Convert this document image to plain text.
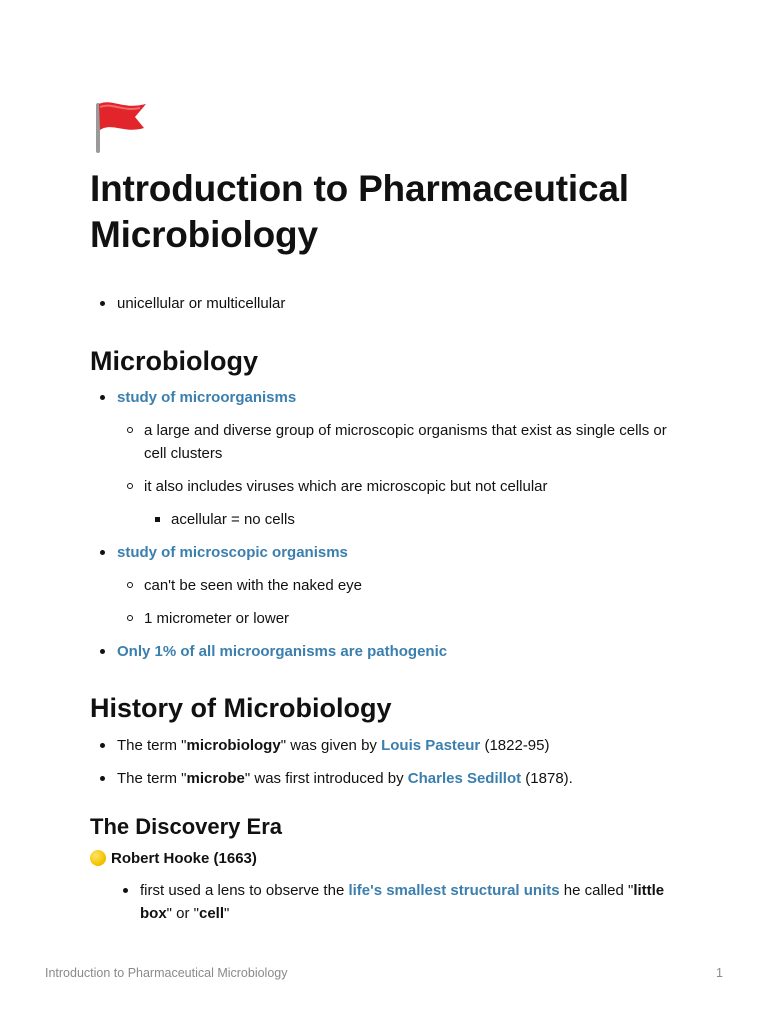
Introduction to Pharmaceutical Microbiology
unicellular or multicellular
Microbiology
study of microorganisms
a large and diverse group of microscopic organisms that exist as single cells or cell clusters
it also includes viruses which are microscopic but not cellular
acellular = no cells
study of microscopic organisms
can't be seen with the naked eye
1 micrometer or lower
Only 1% of all microorganisms are pathogenic
History of Microbiology
The term "microbiology" was given by Louis Pasteur (1822-95)
The term "microbe" was first introduced by Charles Sedillot (1878).
The Discovery Era
Robert Hooke (1663)
first used a lens to observe the life's smallest structural units he called "little box" or "cell"
Introduction to Pharmaceutical Microbiology	1
